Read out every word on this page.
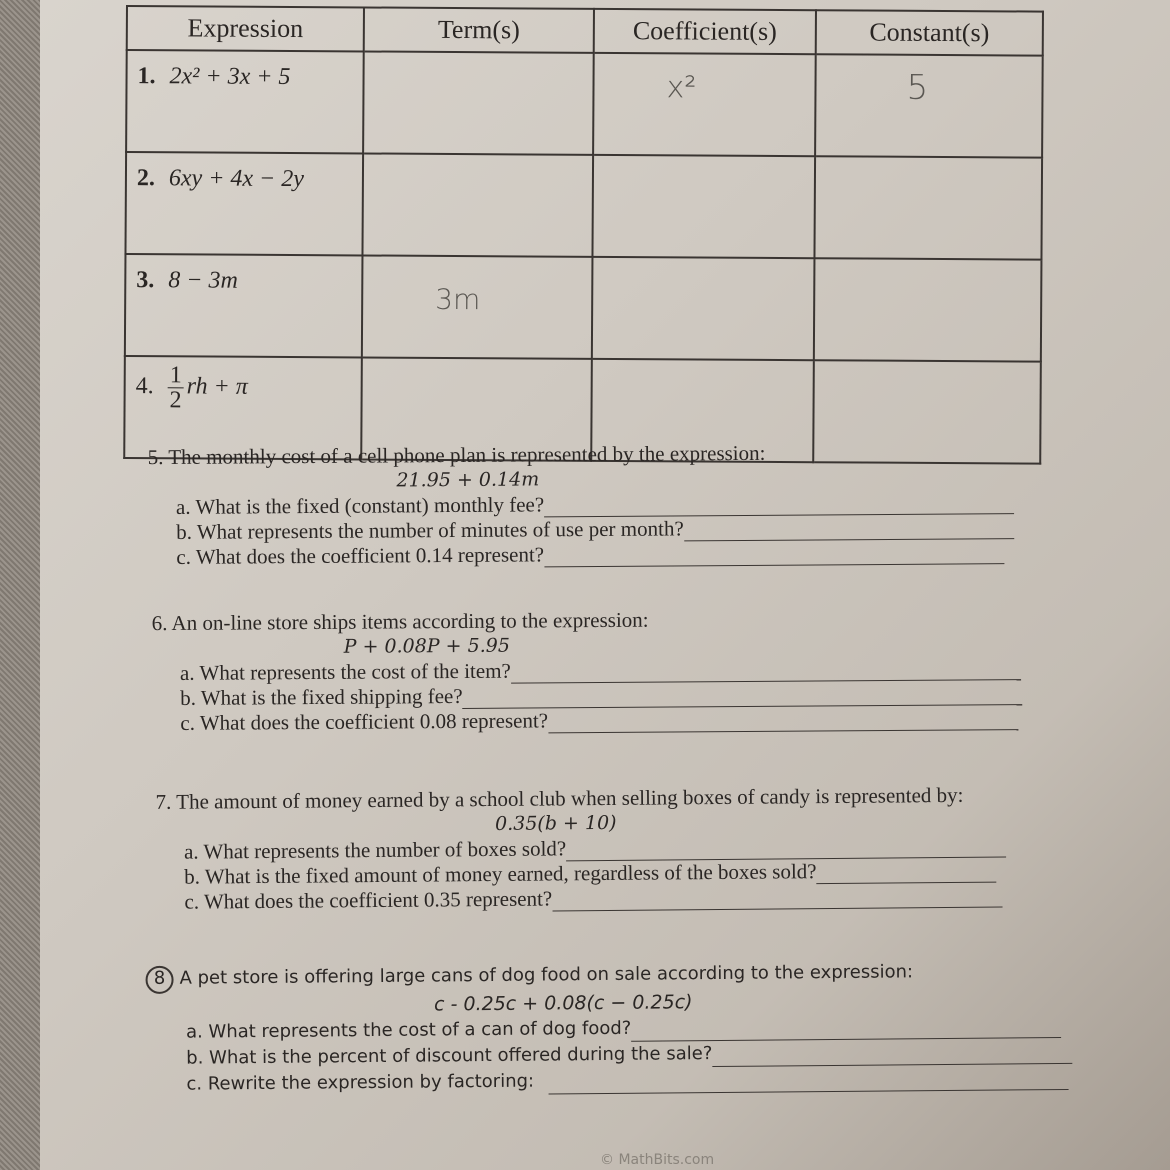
Expression	Term(s)	Coefficient(s)	Constant(s)
1. 2x² + 3x + 5		x²	5
2. 6xy + 4x − 2y			
3. 8 − 3m	3m		
4. $\frac{1}{2}$ rh + π			
5. The monthly cost of a cell phone plan is represented by the expression:
21.95 + 0.14m
a. What is the fixed (constant) monthly fee?
b. What represents the number of minutes of use per month?
c. What does the coefficient 0.14 represent?
6. An on-line store ships items according to the expression:
P + 0.08P + 5.95
a. What represents the cost of the item?
b. What is the fixed shipping fee?
c. What does the coefficient 0.08 represent?
7. The amount of money earned by a school club when selling boxes of candy is represented by:
0.35(b + 10)
a. What represents the number of boxes sold?
b. What is the fixed amount of money earned, regardless of the boxes sold?
c. What does the coefficient 0.35 represent?
8 A pet store is offering large cans of dog food on sale according to the expression:
c - 0.25c + 0.08(c − 0.25c)
a. What represents the cost of a can of dog food?
b. What is the percent of discount offered during the sale?
c. Rewrite the expression by factoring:
© MathBits.com
